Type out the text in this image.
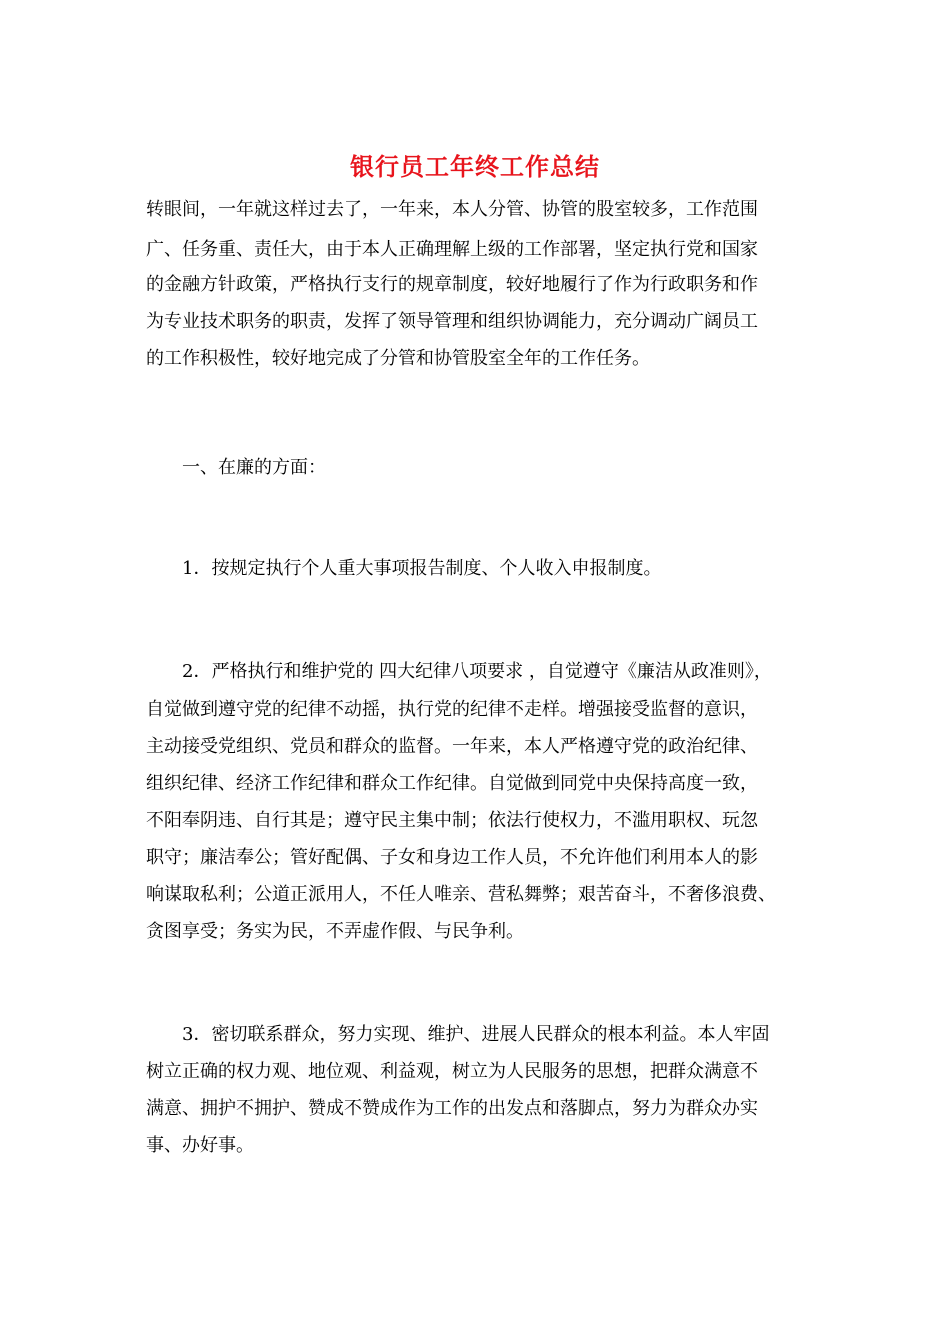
银行员工年终工作总结
转眼间，一年就这样过去了，一年来，本人分管、协管的股室较多，工作范围
广、任务重、责任大，由于本人正确理解上级的工作部署，坚定执行党和国家
的金融方针政策，严格执行支行的规章制度，较好地履行了作为行政职务和作
为专业技术职务的职责，发挥了领导管理和组织协调能力，充分调动广阔员工
的工作积极性，较好地完成了分管和协管股室全年的工作任务。
一、在廉的方面：
1．按规定执行个人重大事项报告制度、个人收入申报制度。
2．严格执行和维护党的 四大纪律八项要求 ，自觉遵守《廉洁从政准则》，
自觉做到遵守党的纪律不动摇，执行党的纪律不走样。增强接受监督的意识，
主动接受党组织、党员和群众的监督。一年来，本人严格遵守党的政治纪律、
组织纪律、经济工作纪律和群众工作纪律。自觉做到同党中央保持高度一致，
不阳奉阴违、自行其是；遵守民主集中制；依法行使权力，不滥用职权、玩忽
职守；廉洁奉公；管好配偶、子女和身边工作人员，不允许他们利用本人的影
响谋取私利；公道正派用人，不任人唯亲、营私舞弊；艰苦奋斗，不奢侈浪费、
贪图享受；务实为民，不弄虚作假、与民争利。
3．密切联系群众，努力实现、维护、进展人民群众的根本利益。本人牢固
树立正确的权力观、地位观、利益观，树立为人民服务的思想，把群众满意不
满意、拥护不拥护、赞成不赞成作为工作的出发点和落脚点，努力为群众办实
事、办好事。
